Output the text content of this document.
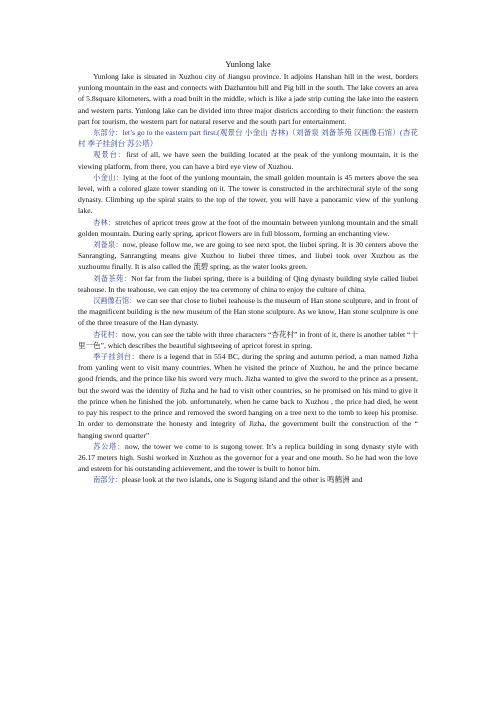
Yunlong lake

Yunlong lake is situated in Xuzhou city of Jiangsu province. It adjoins Hanshan hill in the west, borders yunlong mountain in the east and connects with Dazhantou hill and Pig hill in the south. The lake covers an area of 5.8square kilometers, with a road built in the middle, which is like a jade strip cutting the lake into the eastern and western parts. Yunlong lake can be divided into three major districts according to their function: the eastern part for tourism, the western part for natural reserve and the south part for entertainment.

东部分：let’s go to the eastern part first.(观景台 小金山 杏林)（刘备泉 刘备茶苑 汉画像石馆）(杏花村 季子挂剑台 苏公塔）

观景台：first of all, we have seen the building located at the peak of the yunlong mountain, it is the viewing platform, from there, you can have a bird eye view of Xuzhou.

小金山：lying at the foot of the yunlong mountain, the small golden mountain is 45 meters above the sea level, with a colored glaze tower standing on it. The tower is constructed in the architectural style of the song dynasty. Climbing up the spiral stairs to the top of the tower, you will have a panoramic view of the yunlong lake.

杏林：stretches of apricot trees grow at the foot of the mountain between yunlong mountain and the small golden mountain. During early spring, apricot flowers are in full blossom, forming an enchanting view.

刘备泉：now, please follow me, we are going to see next spot, the liubei spring. It is 30 centers above the Sanrangting, Sanrangting means give Xuzhou to liubei three times, and liubei took over Xuzhou as the xuzhoumu finally. It is also called the 流碧 spring, as the water looks green.

刘备茶苑：Not far from the liubei spring, there is a building of Qing dynasty building style called liubei teahouse. In the teahouse, we can enjoy the tea ceremony of china to enjoy the culture of china.

汉画像石馆：we can see that close to liubei teahouse is the museum of Han stone sculpture, and in front of the magnificent building is the new museum of the Han stone sculpture. As we know, Han stone sculpture is one of the three treasure of the Han dynasty.

杏花村：now, you can see the table with three characters “杏花村” in front of it, there is another tablet “十里一色”, which describes the beautiful sightseeing of apricot forest in spring.

季子挂剑台：there is a legend that in 554 BC, during the spring and autumn period, a man named Jizha from yanling went to visit many countries. When he visited the prince of Xuzhou, he and the prince became good friends, and the prince like his sword very much. Jizha wanted to give the sword to the prince as a present, but the sword was the identity of Jizha and he had to visit other countries, so he promised on his mind to give it the prince when he finished the job. unfortunately, when he came back to Xuzhou , the price had died, he went to pay his respect to the prince and removed the sword hanging on a tree next to the tomb to keep his promise. In order to demonstrate the honesty and integrity of Jizha, the government built the construction of the “ hanging sword quarter”

苏公塔：now, the tower we come to is sugong tower. It’s a replica building in song dynasty style with 26.17 meters high. Sushi worked in Xuzhou as the governor for a year and one mouth. So he had won the love and esteem for his outstanding achievement, and the tower is built to honor him.

南部分：please look at the two islands, one is Sugong island and the other is 鸣鹤洲 and
